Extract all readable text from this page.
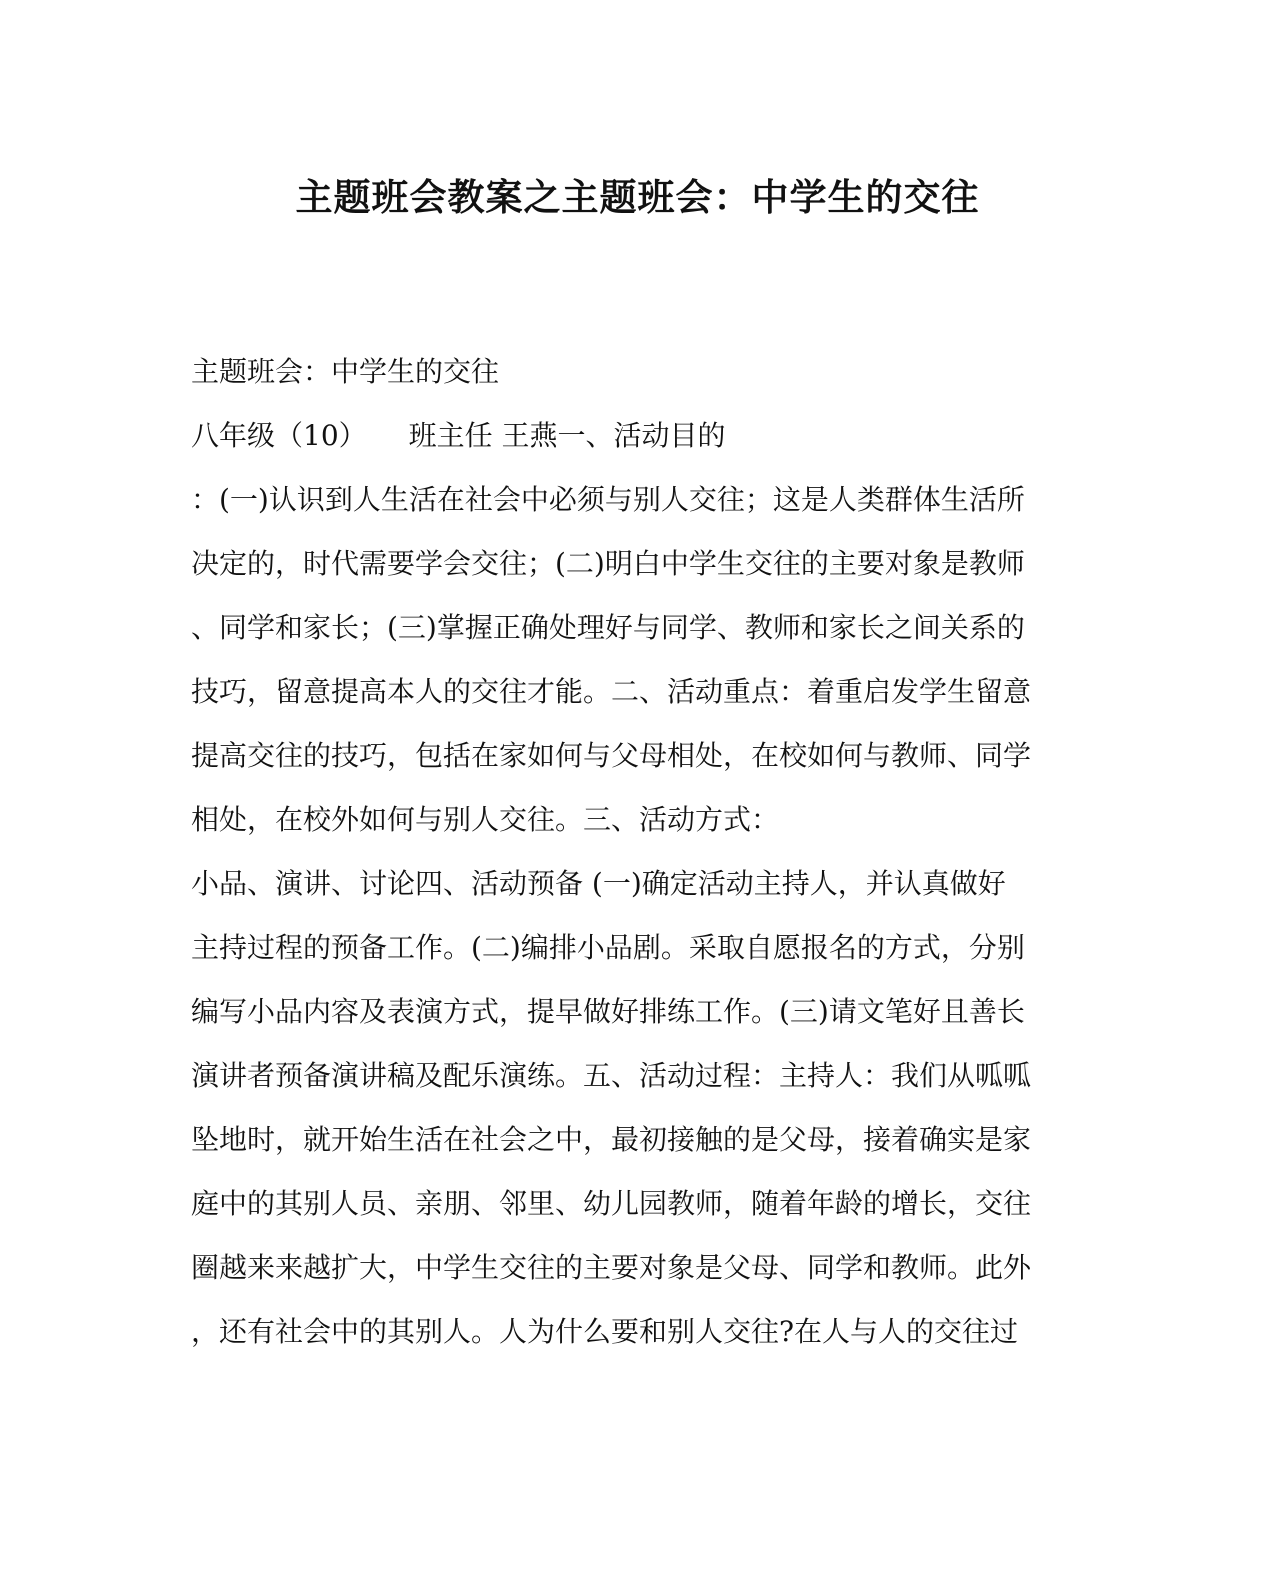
主题班会教案之主题班会：中学生的交往
主题班会：中学生的交往
八年级（10）　　班主任 王燕一、活动目的
：(一)认识到人生活在社会中必须与别人交往；这是人类群体生活所
决定的，时代需要学会交往；(二)明白中学生交往的主要对象是教师
、同学和家长；(三)掌握正确处理好与同学、教师和家长之间关系的
技巧，留意提高本人的交往才能。二、活动重点：着重启发学生留意
提高交往的技巧，包括在家如何与父母相处，在校如何与教师、同学
相处，在校外如何与别人交往。三、活动方式：
小品、演讲、讨论四、活动预备 (一)确定活动主持人，并认真做好
主持过程的预备工作。(二)编排小品剧。采取自愿报名的方式，分别
编写小品内容及表演方式，提早做好排练工作。(三)请文笔好且善长
演讲者预备演讲稿及配乐演练。五、活动过程：主持人：我们从呱呱
坠地时，就开始生活在社会之中，最初接触的是父母，接着确实是家
庭中的其别人员、亲朋、邻里、幼儿园教师，随着年龄的增长，交往
圈越来来越扩大，中学生交往的主要对象是父母、同学和教师。此外
，还有社会中的其别人。人为什么要和别人交往?在人与人的交往过
